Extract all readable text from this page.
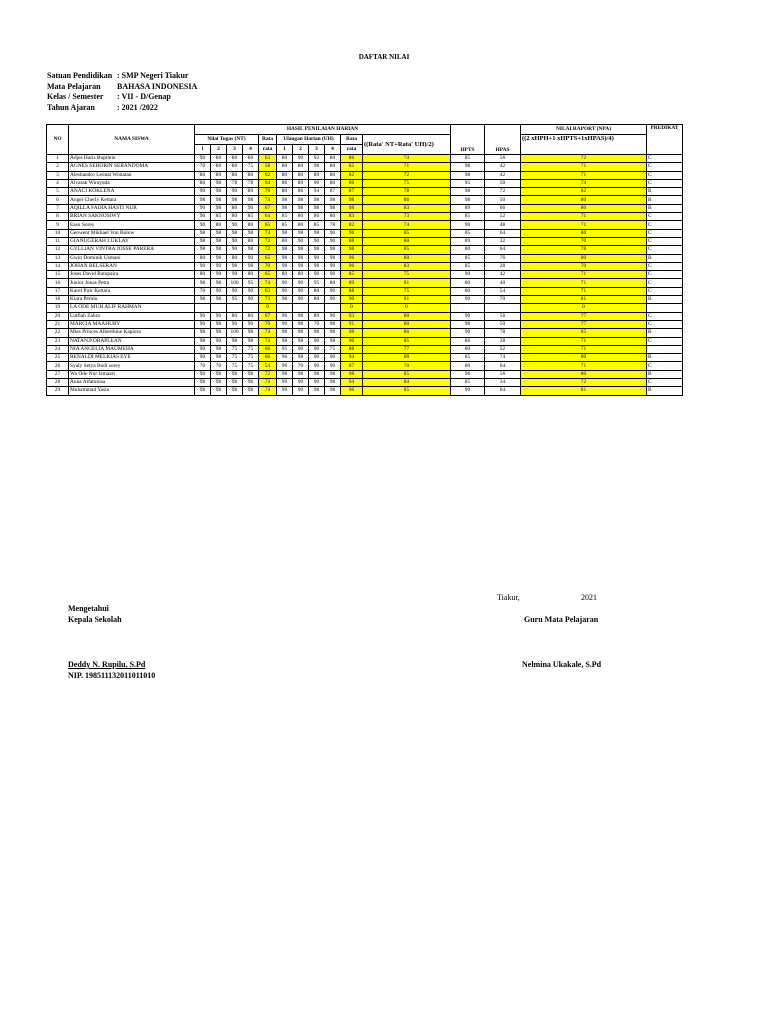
DAFTAR NILAI
Satuan Pendidikan : SMP Negeri Tiakur
Mata Pelajaran	BAHASA INDONESIA
Kelas / Semester	: VII - D/Genap
Tahun Ajaran	: 2021 /2022
NO	NAMA SISWA	HASIL PENILAIAN HARIAN											HPTS	HPAS	NILAI RAPORT (NPA)	PREDIKAT
		Nilai Tugas (NT)				Rata	Ulangan Harian (UH)				Rata	((Rata' NT+Rata' UH)/2)			((2 xHPH+1 xHPTS+1xHPAS)/4)	
		1	2	3	4	rata	1	2	3	4	rata					
1	Adjes Haris Rupilele	90	80	80	80	63	80	90	92	80	86	74	85	56	72	C
2	AGNES SEHORIN SERANDOMA	70	80	80	75	58	80	80	98	80	85	71	98	42	71	C
3	Aleshandro Leonal Wonatan	80	89	80	80	62	80	80	89	80	82	72	98	42	71	C
4	Alvarak Wirayuda	80	98	78	78	64	86	89	90	80	86	75	95	50	74	C
5	ANACI KOKLENA	90	98	90	89	70	80	86	94	87	87	78	98	72	82	B
6	Angel Cherly Kettara	98	98	98	98	74	98	98	98	98	98	86	98	50	80	B
7	AQILLA FADIA HASTI NUR	90	98	80	90	67	98	98	98	98	98	83	89	66	80	B
8	BRIAN SAKNOSIWY	90	85	80	85	64	85	80	86	80	83	73	85	52	71	C
9	Easu Sorey	90	80	90	80	65	85	80	85	78	82	74	90	48	71	C
10	Geowent Mikhael Von Bulow	98	98	98	98	74	98	98	98	90	96	85	85	64	80	C
11	GIANUGERAH LUKLAY	98	98	90	80	72	80	90	90	90	88	80	89	32	70	C
12	GYLLIAN VINTRA JOSSE PARERA	98	98	90	98	72	98	98	98	98	98	85	80	64	78	C
13	Gwin Dominik Usmani	80	98	80	90	65	98	98	90	98	96	80	85	76	80	B
14	JOHAN BELSERAN	90	90	98	98	70	98	98	98	90	96	83	85	28	70	C
15	Joses David Ratupaira	80	90	90	80	65	80	80	90	90	85	75	90	42	71	C
16	Junior Jonas Petra	98	98	100	95	74	90	90	95	80	89	81	80	40	71	C
17	Karel Pirir Kettara	70	90	90	90	63	90	90	80	90	88	75	80	54	71	C
18	Kiara Perulu	98	98	95	90	73	98	90	80	90	90	81	90	70	81	B
19	LA ODE MUH ALIF RAHMAN					0					0	0			0	
20	Lutfiah Zahra	90	90	80	80	67	96	98	89	90	93	80	90	56	77	C
21	MARCIA MAAHURY	90	98	90	90	70	99	98	70	98	91	80	98	50	77	C
22	Mies Princes Alberthine Kapiora	98	98	100	98	74	98	98	98	98	98	86	90	78	85	B
23	NATAN.P.ORAPLEAN	98	90	98	98	74	98	98	90	98	96	85	86	28	71	C
24	NIA ANGELIA MAUMEHA	90	98	75	75	66	95	90	90	75	88	77	80	52	71	
25	RENALDI MELKIAS EYE	90	98	75	75	66	96	98	90	90	94	80	85	74	80	B
26	Syaly Setya Budi sorey	70	70	75	75	54	96	70	90	90	87	70	80	64	71	C
27	Wa Ode Nur Izmaari	90	98	98	98	72	98	98	98	98	98	85	96	56	80	B
28	Anna Atfatunisa	98	98	98	96	74	99	90	90	98	94	84	85	34	72	C
29	Muhammad Yasin	98	98	98	98	74	99	90	98	98	96	85	90	64	81	B
Tiakur,	2021
Mengetahui
Kepala Sekolah	Guru Mata Pelajaran
Deddy N. Rupilu, S.Pd	Nelmina Ukakale, S.Pd
NIP. 198511132011011010
